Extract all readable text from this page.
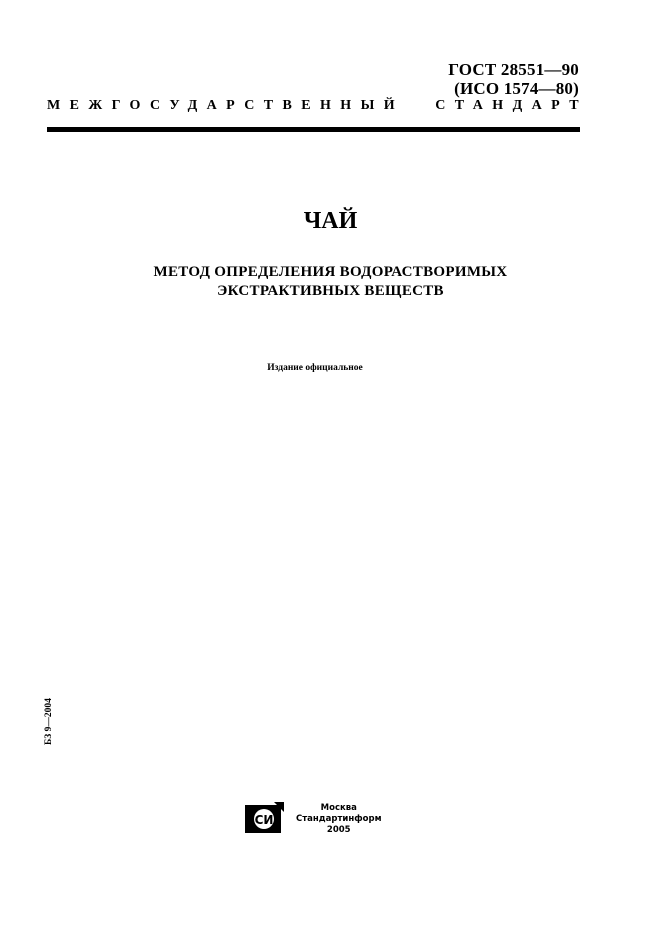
ГОСТ 28551—90
(ИСО 1574—80)
МЕЖГОСУДАРСТВЕННЫЙ СТАНДАРТ
ЧАЙ
МЕТОД ОПРЕДЕЛЕНИЯ ВОДОРАСТВОРИМЫХ
ЭКСТРАКТИВНЫХ ВЕЩЕСТВ
Издание официальное
БЗ 9—2004
СИ
Москва
Стандартинформ
2005
